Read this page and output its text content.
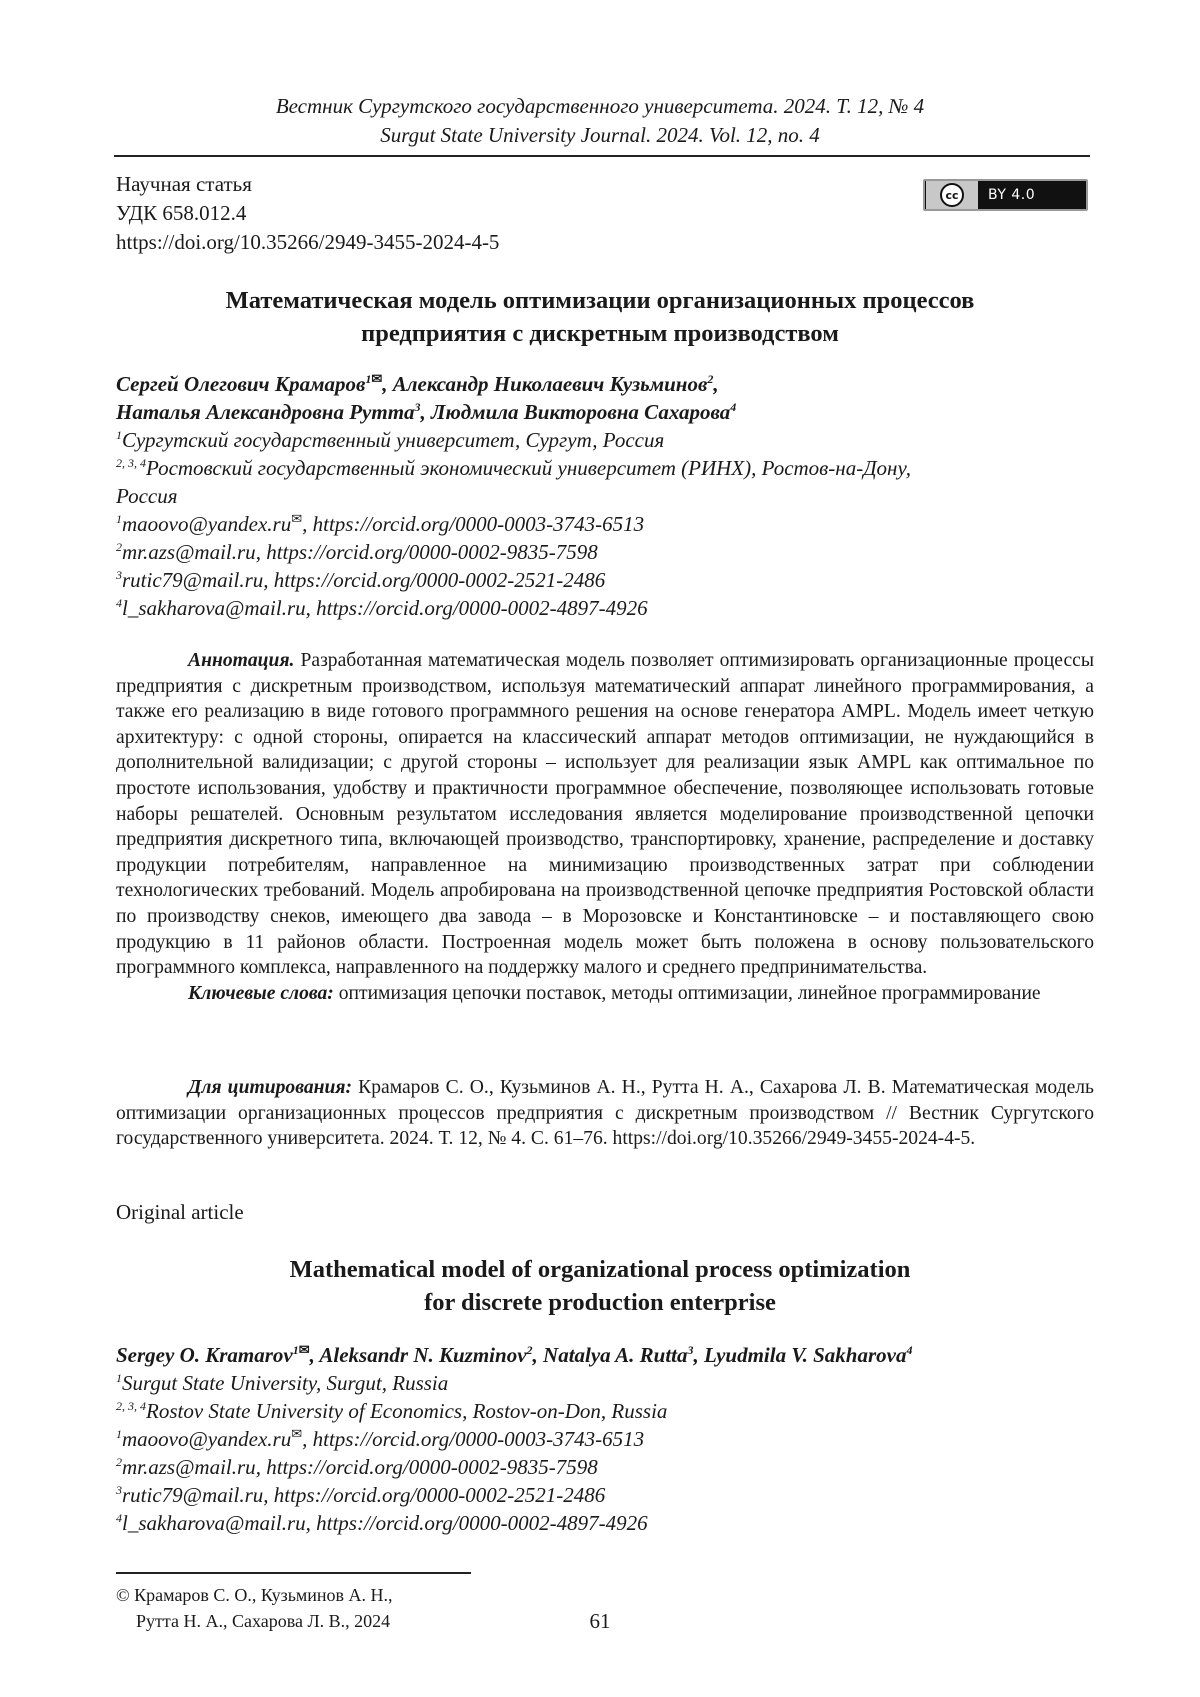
Вестник Сургутского государственного университета. 2024. Т. 12, № 4
Surgut State University Journal. 2024. Vol. 12, no. 4
Научная статья
УДК 658.012.4
https://doi.org/10.35266/2949-3455-2024-4-5
cc	BY 4.0
Математическая модель оптимизации организационных процессов
предприятия с дискретным производством
Сергей Олегович Крамаров$^{1✉}$, Александр Николаевич Кузьминов$^2$,
Наталья Александровна Рутта$^3$, Людмила Викторовна Сахарова$^4$
$^1$Сургутский государственный университет, Сургут, Россия
$^{2, 3, 4}$Ростовский государственный экономический университет (РИНХ), Ростов-на-Дону,
Россия
$^1$maoovo@yandex.ru✉, https://orcid.org/0000-0003-3743-6513
$^2$mr.azs@mail.ru, https://orcid.org/0000-0002-9835-7598
$^3$rutic79@mail.ru, https://orcid.org/0000-0002-2521-2486
$^4$l_sakharova@mail.ru, https://orcid.org/0000-0002-4897-4926

Аннотация. Разработанная математическая модель позволяет оптимизировать организационные процессы предприятия с дискретным производством, используя математический аппарат линейного программирования, а также его реализацию в виде готового программного решения на основе генератора AMPL. Модель имеет четкую архитектуру: с одной стороны, опирается на классический аппарат методов оптимизации, не нуждающийся в дополнительной валидизации; с другой стороны – использует для реализации язык AMPL как оптимальное по простоте использования, удобству и практичности программное обеспечение, позволяющее использовать готовые наборы решателей. Основным результатом исследования является моделирование производственной цепочки предприятия дискретного типа, включающей производство, транспортировку, хранение, распределение и доставку продукции потребителям, направленное на минимизацию производственных затрат при соблюдении технологических требований. Модель апробирована на производственной цепочке предприятия Ростовской области по производству снеков, имеющего два завода – в Морозовске и Константиновске – и поставляющего свою продукцию в 11 районов области. Построенная модель может быть положена в основу пользовательского программного комплекса, направленного на поддержку малого и среднего предпринимательства.

Ключевые слова: оптимизация цепочки поставок, методы оптимизации, линейное программирование

Для цитирования: Крамаров С. О., Кузьминов А. Н., Рутта Н. А., Сахарова Л. В. Математическая модель оптимизации организационных процессов предприятия с дискретным производством // Вестник Сургутского государственного университета. 2024. Т. 12, № 4. С. 61–76. https://doi.org/10.35266/2949-3455-2024-4-5.

Original article
Mathematical model of organizational process optimization
for discrete production enterprise
Sergey O. Kramarov$^{1✉}$, Aleksandr N. Kuzminov$^2$, Natalya A. Rutta$^3$, Lyudmila V. Sakharova$^4$
$^1$Surgut State University, Surgut, Russia
$^{2, 3, 4}$Rostov State University of Economics, Rostov-on-Don, Russia
$^1$maoovo@yandex.ru✉, https://orcid.org/0000-0003-3743-6513
$^2$mr.azs@mail.ru, https://orcid.org/0000-0002-9835-7598
$^3$rutic79@mail.ru, https://orcid.org/0000-0002-2521-2486
$^4$l_sakharova@mail.ru, https://orcid.org/0000-0002-4897-4926
© Крамаров С. О., Кузьминов А. Н.,
Рутта Н. А., Сахарова Л. В., 2024	61
